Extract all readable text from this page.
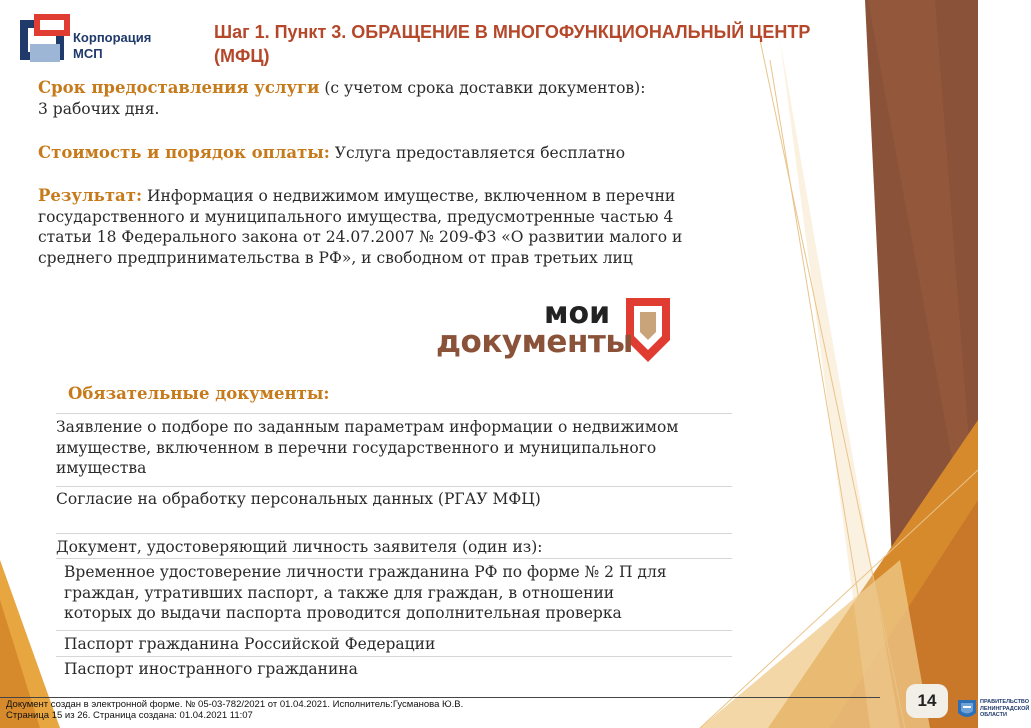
Корпорация
МСП
Шаг 1. Пункт 3. ОБРАЩЕНИЕ В МНОГОФУНКЦИОНАЛЬНЫЙ ЦЕНТР (МФЦ)
Срок предоставления услуги (с учетом срока доставки документов):
3 рабочих дня.
Стоимость и порядок оплаты: Услуга предоставляется бесплатно
Результат: Информация о недвижимом имуществе, включенном в перечни
государственного и муниципального имущества, предусмотренные частью 4
статьи 18 Федерального закона от 24.07.2007 № 209-ФЗ «О развитии малого и
среднего предпринимательства в РФ», и свободном от прав третьих лиц
мои
документы
Обязательные документы:
Заявление о подборе по заданным параметрам информации о недвижимом
имуществе, включенном в перечни государственного и муниципального
имущества
Согласие на обработку персональных данных (РГАУ МФЦ)
Документ, удостоверяющий личность заявителя (один из):
Временное удостоверение личности гражданина РФ по форме № 2 П для
граждан, утративших паспорт, а также для граждан, в отношении
которых до выдачи паспорта проводится дополнительная проверка
Паспорт гражданина Российской Федерации
Паспорт иностранного гражданина
Документ создан в электронной форме. № 05-03-782/2021 от 01.04.2021. Исполнитель:Гусманова Ю.В.
Страница 15 из 26. Страница создана: 01.04.2021 11:07
14	ПРАВИТЕЛЬСТВО
ЛЕНИНГРАДСКОЙ
ОБЛАСТИ
